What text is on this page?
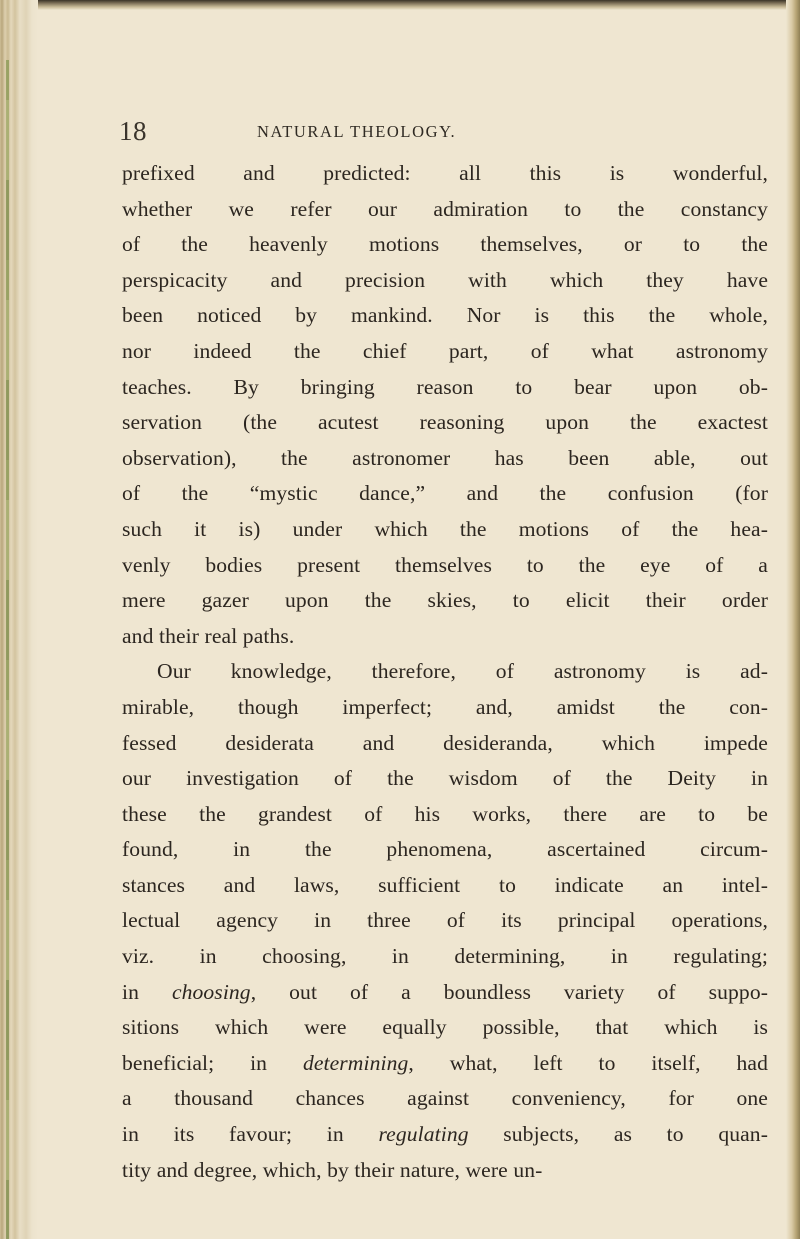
18	NATURAL THEOLOGY.
prefixed and predicted: all this is wonderful,
whether we refer our admiration to the constancy
of the heavenly motions themselves, or to the
perspicacity and precision with which they have
been noticed by mankind. Nor is this the whole,
nor indeed the chief part, of what astronomy
teaches. By bringing reason to bear upon ob-
servation (the acutest reasoning upon the exactest
observation), the astronomer has been able, out
of the “mystic dance,” and the confusion (for
such it is) under which the motions of the hea-
venly bodies present themselves to the eye of a
mere gazer upon the skies, to elicit their order
and their real paths.
Our knowledge, therefore, of astronomy is ad-
mirable, though imperfect; and, amidst the con-
fessed desiderata and desideranda, which impede
our investigation of the wisdom of the Deity in
these the grandest of his works, there are to be
found, in the phenomena, ascertained circum-
stances and laws, sufficient to indicate an intel-
lectual agency in three of its principal operations,
viz. in choosing, in determining, in regulating;
in choosing, out of a boundless variety of suppo-
sitions which were equally possible, that which is
beneficial; in determining, what, left to itself, had
a thousand chances against conveniency, for one
in its favour; in regulating subjects, as to quan-
tity and degree, which, by their nature, were un-
